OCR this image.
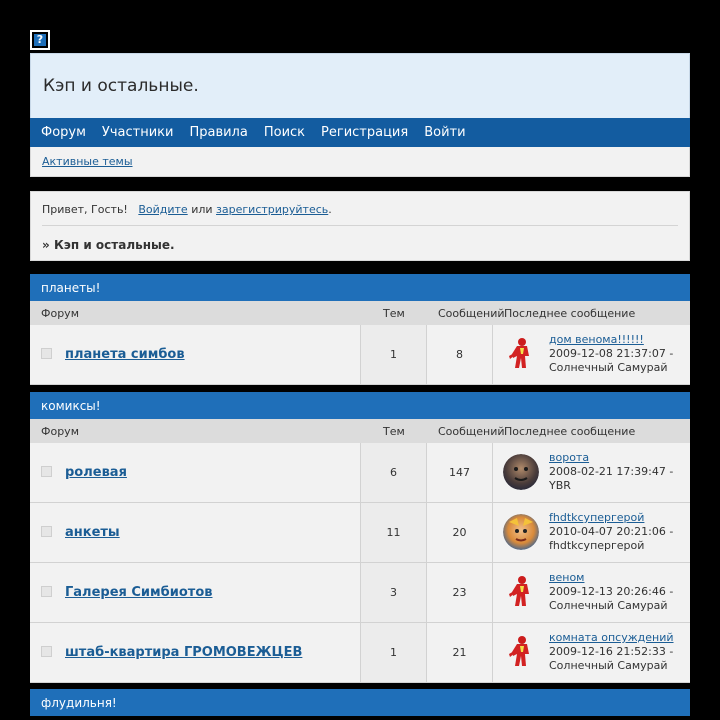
?
Кэп и остальные.
Форум	Участники	Правила	Поиск	Регистрация	Войти
Активные темы
Привет, Гость! Войдите или зарегистрируйтесь.
» Кэп и остальные.
планеты!
Форум	Тем	Сообщений Последнее сообщение
планета симбов	1	8
дом венома!!!!!!
2009-12-08 21:37:07 -
Солнечный Самурай
комиксы!
Форум	Тем	Сообщений Последнее сообщение
ролевая	6	147
ворота
2008-02-21 17:39:47 -
YBR
анкеты	11	20
fhdtkсупергерой
2010-04-07 20:21:06 -
fhdtkсупергерой
Галерея Симбиотов	3	23
веном
2009-12-13 20:26:46 -
Солнечный Самурай
штаб-квартира ГРОМОВЕЖЦЕВ	1	21
комната опсуждений
2009-12-16 21:52:33 -
Солнечный Самурай
флудильня!
